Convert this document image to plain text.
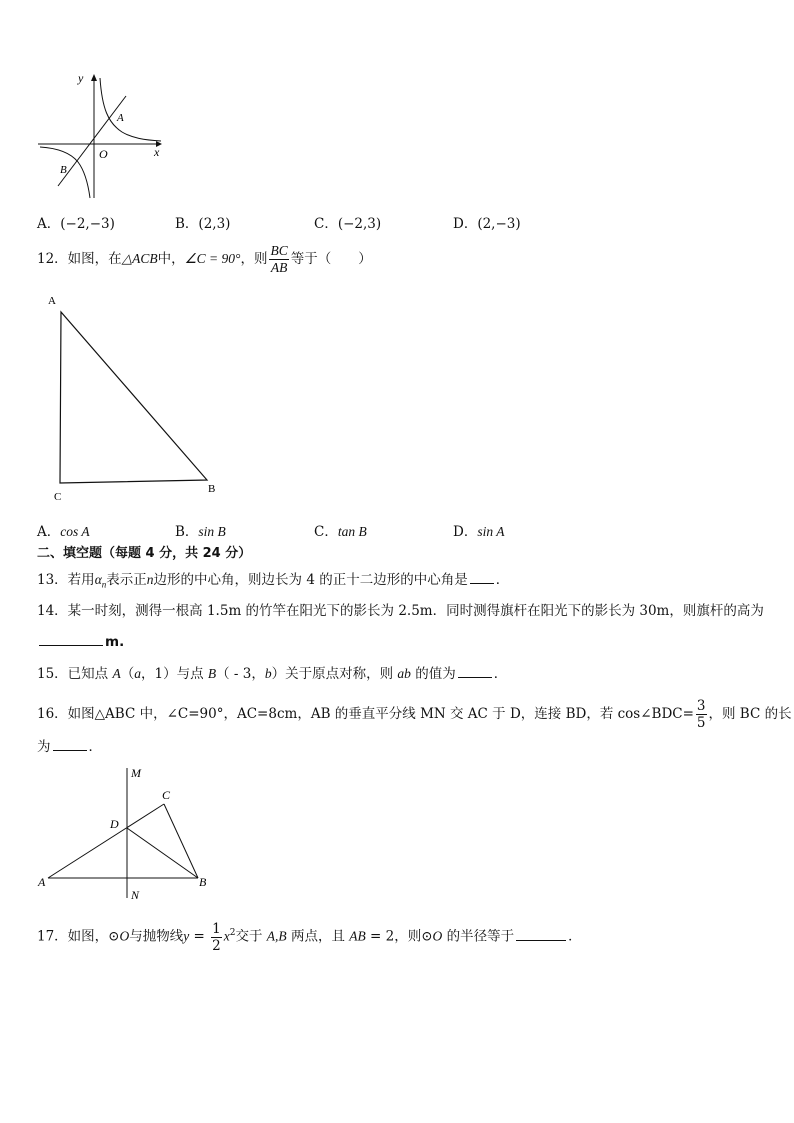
y
x
O
A
B
A．(−2,−3)	B．(2,3)	C．(−2,3)	D．(2,−3)
12．如图，在△ACB中，∠C = 90°，则 $\frac{BC}{AB}$ 等于（　　）
A
C
B
A．cos A	B．sin B	C．tan B	D．sin A
二、填空题（每题 4 分，共 24 分）
13．若用$\alpha_n$表示正n边形的中心角，则边长为 4 的正十二边形的中心角是 ．
14．某一时刻，测得一根高 1.5m 的竹竿在阳光下的影长为 2.5m．同时测得旗杆在阳光下的影长为 30m，则旗杆的高为
m.
15．已知点 A（a，1）与点 B（ - 3，b）关于原点对称，则 ab 的值为	．
16．如图△ABC 中，∠C=90°，AC=8cm，AB 的垂直平分线 MN 交 AC 于 D，连接 BD，若 cos∠BDC= $\frac{3}{5}$ ，则 BC 的长
为	．
M
C
D
A
N
B
17．如图，⊙O与抛物线$y = \frac{1}{2} x^2$交于 A,B 两点，且 AB = 2，则⊙O 的半径等于	．
